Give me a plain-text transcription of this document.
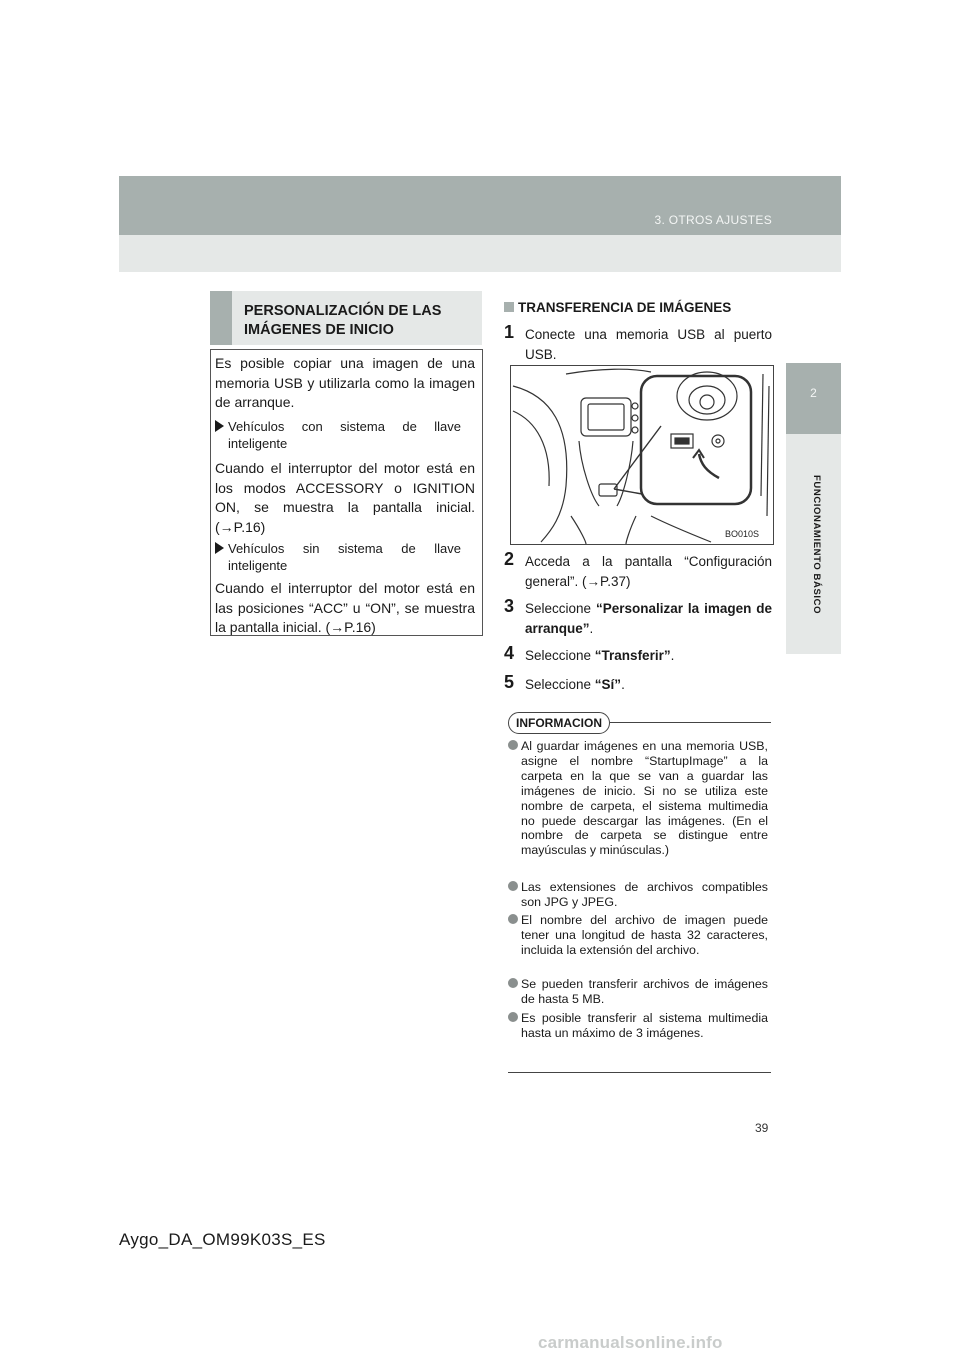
3. OTROS AJUSTES
2
FUNCIONAMIENTO BÁSICO
PERSONALIZACIÓN DE LAS IMÁGENES DE INICIO
Es posible copiar una imagen de una memoria USB y utilizarla como la imagen de arranque.
Vehículos con sistema de llave
inteligente
Cuando el interruptor del motor está en los modos ACCESSORY o IGNITION ON, se muestra la pantalla inicial. (→P.16)
Vehículos sin sistema de llave
inteligente
Cuando el interruptor del motor está en las posiciones “ACC” u “ON”, se muestra la pantalla inicial. (→P.16)
TRANSFERENCIA DE IMÁGENES
1 Conecte una memoria USB al puerto USB.
BO010S
2 Acceda a la pantalla “Configuración general”. (→P.37)
3 Seleccione “Personalizar la imagen de arranque”.
4 Seleccione “Transferir”.
5 Seleccione “Sí”.
INFORMACION
Al guardar imágenes en una memoria USB, asigne el nombre “StartupImage” a la carpeta en la que se van a guardar las imágenes de inicio. Si no se utiliza este nombre de carpeta, el sistema multimedia no puede descargar las imágenes. (En el nombre de carpeta se distingue entre mayúsculas y minúsculas.)
Las extensiones de archivos compatibles son JPG y JPEG.
El nombre del archivo de imagen puede tener una longitud de hasta 32 caracteres, incluida la extensión del archivo.
Se pueden transferir archivos de imágenes de hasta 5 MB.
Es posible transferir al sistema multimedia hasta un máximo de 3 imágenes.
39
Aygo_DA_OM99K03S_ES
carmanualsonline.info
